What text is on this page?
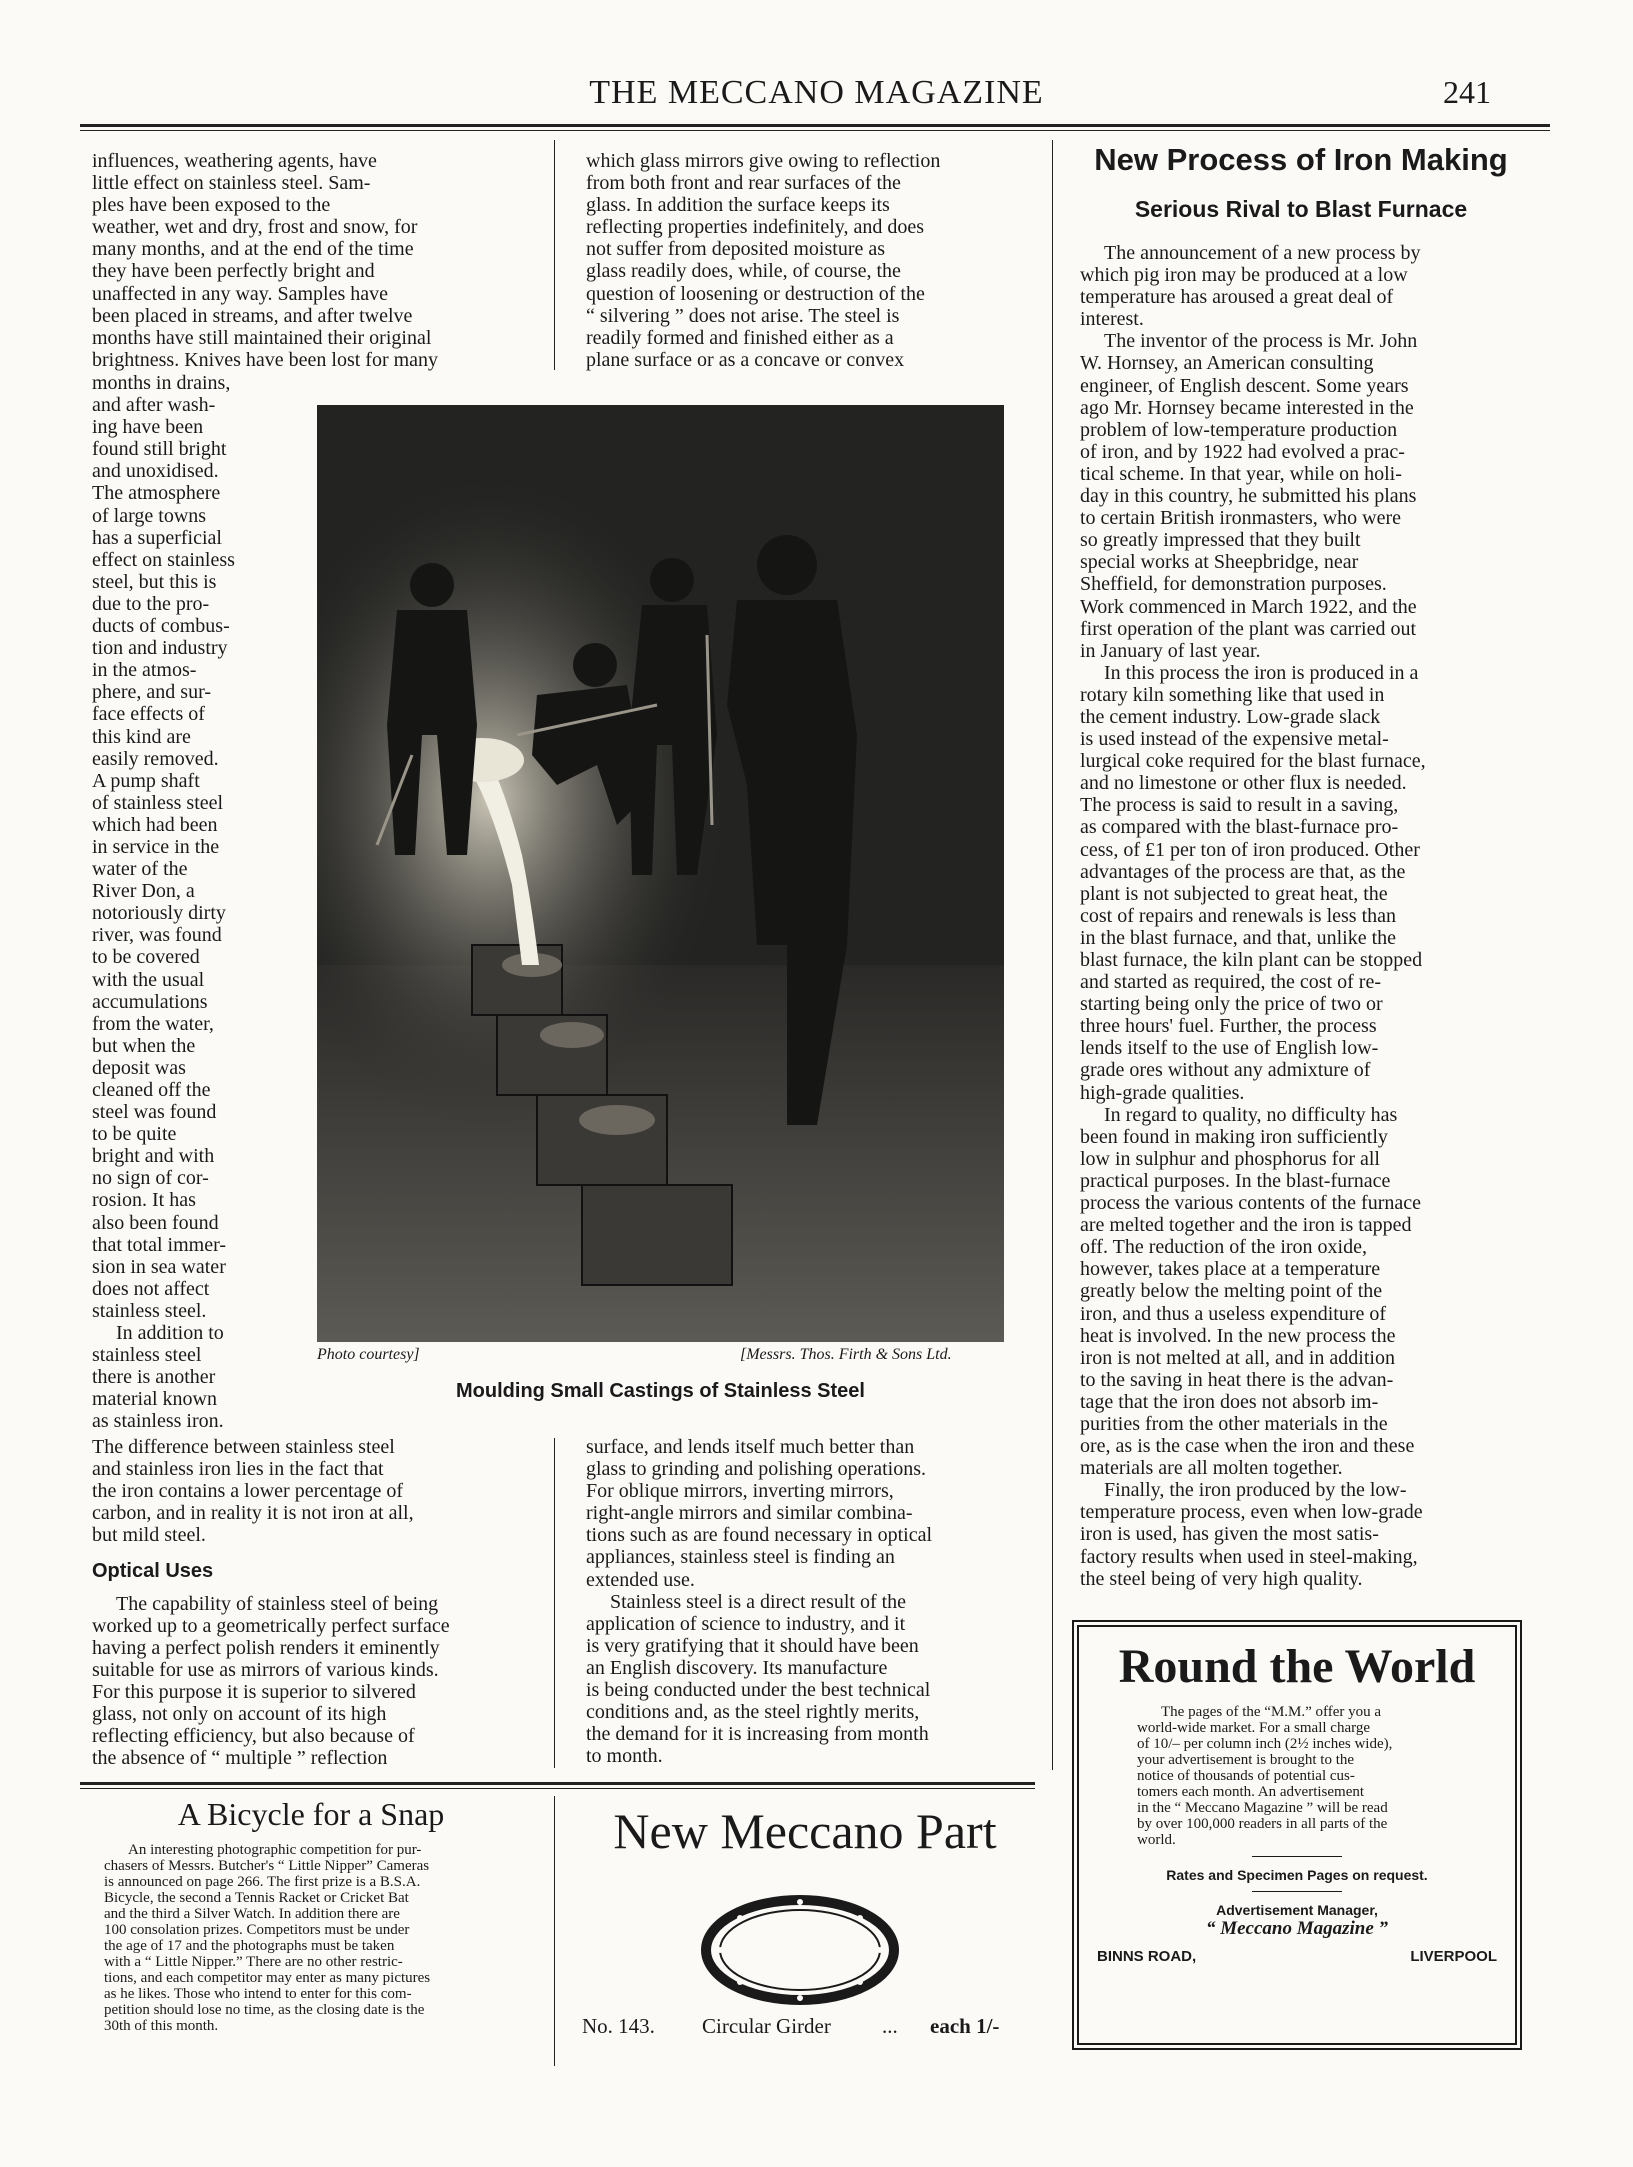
THE MECCANO MAGAZINE	241
influences, weathering agents, have
little effect on stainless steel. Sam-
ples have been exposed to the
weather, wet and dry, frost and snow, for
many months, and at the end of the time
they have been perfectly bright and
unaffected in any way. Samples have
been placed in streams, and after twelve
months have still maintained their original
brightness. Knives have been lost for many
months in drains,
and after wash-
ing have been
found still bright
and unoxidised.
The atmosphere
of large towns
has a superficial
effect on stainless
steel, but this is
due to the pro-
ducts of combus-
tion and industry
in the atmos-
phere, and sur-
face effects of
this kind are
easily removed.
A pump shaft
of stainless steel
which had been
in service in the
water of the
River Don, a
notoriously dirty
river, was found
to be covered
with the usual
accumulations
from the water,
but when the
deposit was
cleaned off the
steel was found
to be quite
bright and with
no sign of cor-
rosion. It has
also been found
that total immer-
sion in sea water
does not affect
stainless steel.
In addition to
stainless steel
there is another
material known
as stainless iron.
The difference between stainless steel
and stainless iron lies in the fact that
the iron contains a lower percentage of
carbon, and in reality it is not iron at all,
but mild steel.
Optical Uses
The capability of stainless steel of being
worked up to a geometrically perfect surface
having a perfect polish renders it eminently
suitable for use as mirrors of various kinds.
For this purpose it is superior to silvered
glass, not only on account of its high
reflecting efficiency, but also because of
the absence of “ multiple ” reflection
which glass mirrors give owing to reflection
from both front and rear surfaces of the
glass. In addition the surface keeps its
reflecting properties indefinitely, and does
not suffer from deposited moisture as
glass readily does, while, of course, the
question of loosening or destruction of the
“ silvering ” does not arise. The steel is
readily formed and finished either as a
plane surface or as a concave or convex
surface, and lends itself much better than
glass to grinding and polishing operations.
For oblique mirrors, inverting mirrors,
right-angle mirrors and similar combina-
tions such as are found necessary in optical
appliances, stainless steel is finding an
extended use.
Stainless steel is a direct result of the
application of science to industry, and it
is very gratifying that it should have been
an English discovery. Its manufacture
is being conducted under the best technical
conditions and, as the steel rightly merits,
the demand for it is increasing from month
to month.
Photo courtesy]	[Messrs. Thos. Firth & Sons Ltd.
Moulding Small Castings of Stainless Steel
New Process of Iron Making
Serious Rival to Blast Furnace
The announcement of a new process by
which pig iron may be produced at a low
temperature has aroused a great deal of
interest.
The inventor of the process is Mr. John
W. Hornsey, an American consulting
engineer, of English descent. Some years
ago Mr. Hornsey became interested in the
problem of low-temperature production
of iron, and by 1922 had evolved a prac-
tical scheme. In that year, while on holi-
day in this country, he submitted his plans
to certain British ironmasters, who were
so greatly impressed that they built
special works at Sheepbridge, near
Sheffield, for demonstration purposes.
Work commenced in March 1922, and the
first operation of the plant was carried out
in January of last year.
In this process the iron is produced in a
rotary kiln something like that used in
the cement industry. Low-grade slack
is used instead of the expensive metal-
lurgical coke required for the blast furnace,
and no limestone or other flux is needed.
The process is said to result in a saving,
as compared with the blast-furnace pro-
cess, of £1 per ton of iron produced. Other
advantages of the process are that, as the
plant is not subjected to great heat, the
cost of repairs and renewals is less than
in the blast furnace, and that, unlike the
blast furnace, the kiln plant can be stopped
and started as required, the cost of re-
starting being only the price of two or
three hours' fuel. Further, the process
lends itself to the use of English low-
grade ores without any admixture of
high-grade qualities.
In regard to quality, no difficulty has
been found in making iron sufficiently
low in sulphur and phosphorus for all
practical purposes. In the blast-furnace
process the various contents of the furnace
are melted together and the iron is tapped
off. The reduction of the iron oxide,
however, takes place at a temperature
greatly below the melting point of the
iron, and thus a useless expenditure of
heat is involved. In the new process the
iron is not melted at all, and in addition
to the saving in heat there is the advan-
tage that the iron does not absorb im-
purities from the other materials in the
ore, as is the case when the iron and these
materials are all molten together.
Finally, the iron produced by the low-
temperature process, even when low-grade
iron is used, has given the most satis-
factory results when used in steel-making,
the steel being of very high quality.
A Bicycle for a Snap
An interesting photographic competition for pur-
chasers of Messrs. Butcher's “ Little Nipper” Cameras
is announced on page 266. The first prize is a B.S.A.
Bicycle, the second a Tennis Racket or Cricket Bat
and the third a Silver Watch. In addition there are
100 consolation prizes. Competitors must be under
the age of 17 and the photographs must be taken
with a “ Little Nipper.” There are no other restric-
tions, and each competitor may enter as many pictures
as he likes. Those who intend to enter for this com-
petition should lose no time, as the closing date is the
30th of this month.
New Meccano Part
No. 143. Circular Girder ... each 1/-
Round the World
The pages of the “M.M.” offer you a
world-wide market. For a small charge
of 10/– per column inch (2½ inches wide),
your advertisement is brought to the
notice of thousands of potential cus-
tomers each month. An advertisement
in the “ Meccano Magazine ” will be read
by over 100,000 readers in all parts of the
world.
Rates and Specimen Pages on request.
Advertisement Manager,
“ Meccano Magazine ”
BINNS ROAD,	LIVERPOOL
